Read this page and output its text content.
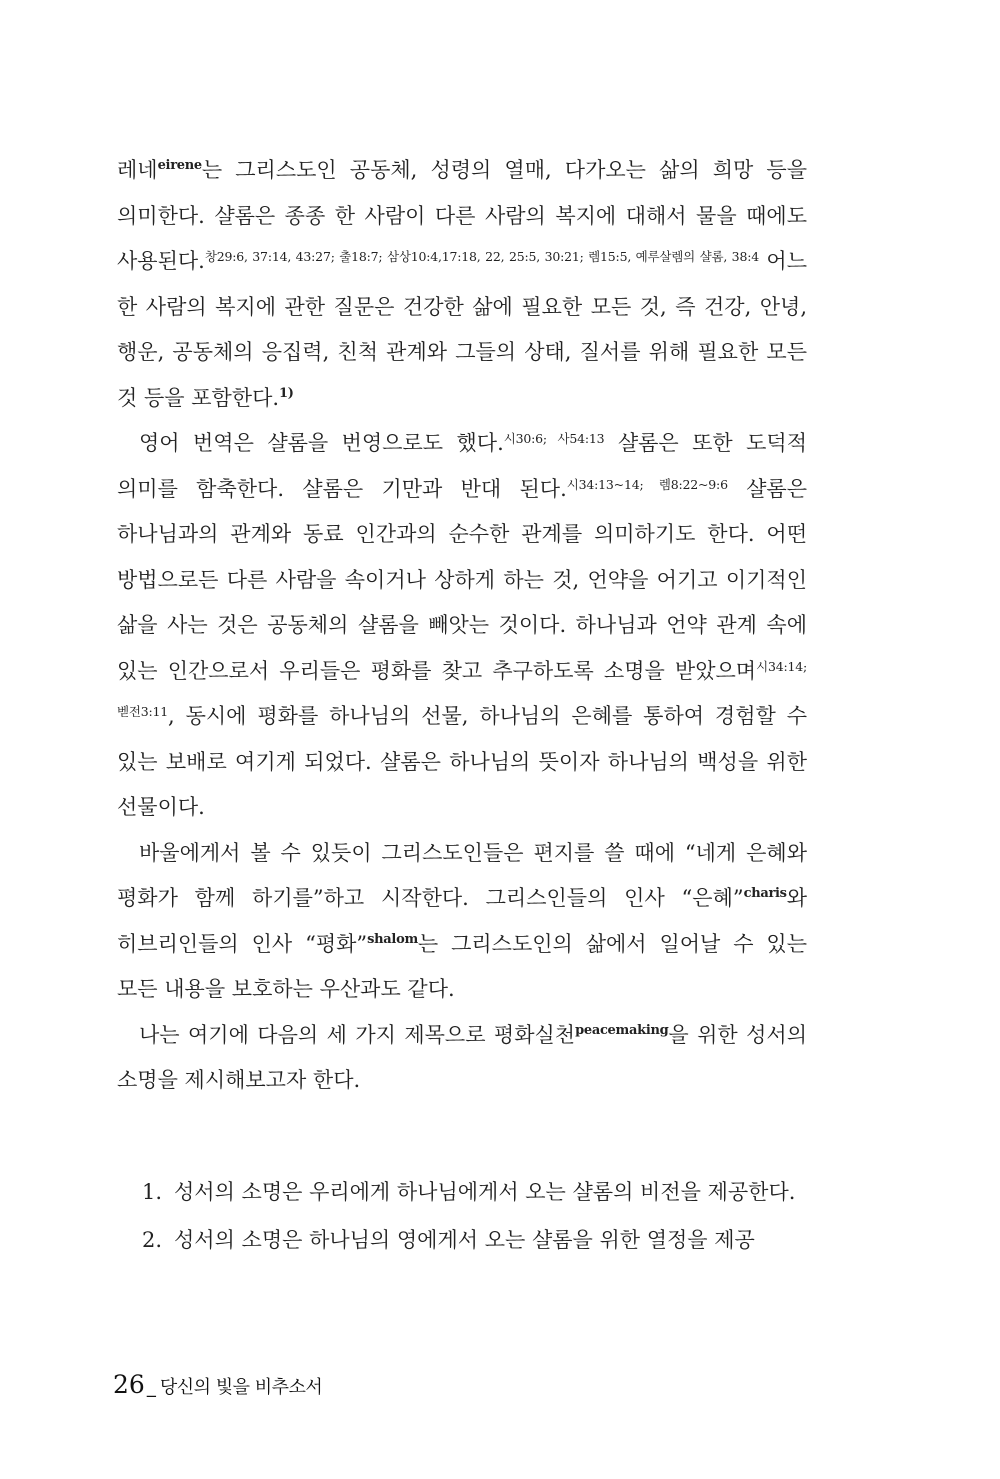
레네$^{eirene}$는 그리스도인 공동체, 성령의 열매, 다가오는 삶의 희망 등을 의미한다. 샬롬은 종종 한 사람이 다른 사람의 복지에 대해서 물을 때에도 사용된다.$^{창29:6, 37:14, 43:27; 출18:7; 삼상10:4,17:18, 22, 25:5, 30:21; 렘15:5, 예루살렘의 샬롬, 38:4}$ 어느 한 사람의 복지에 관한 질문은 건강한 삶에 필요한 모든 것, 즉 건강, 안녕, 행운, 공동체의 응집력, 친척 관계와 그들의 상태, 질서를 위해 필요한 모든 것 등을 포함한다.$^{1)}$

영어 번역은 샬롬을 번영으로도 했다.$^{시30:6; 사54:13}$ 샬롬은 또한 도덕적 의미를 함축한다. 샬롬은 기만과 반대 된다.$^{시34:13\sim 14; 렘8:22\sim 9:6}$ 샬롬은 하나님과의 관계와 동료 인간과의 순수한 관계를 의미하기도 한다. 어떤 방법으로든 다른 사람을 속이거나 상하게 하는 것, 언약을 어기고 이기적인 삶을 사는 것은 공동체의 샬롬을 빼앗는 것이다. 하나님과 언약 관계 속에 있는 인간으로서 우리들은 평화를 찾고 추구하도록 소명을 받았으며$^{시34:14; 벧전3:11}$, 동시에 평화를 하나님의 선물, 하나님의 은혜를 통하여 경험할 수 있는 보배로 여기게 되었다. 샬롬은 하나님의 뜻이자 하나님의 백성을 위한 선물이다.

바울에게서 볼 수 있듯이 그리스도인들은 편지를 쓸 때에 “네게 은혜와 평화가 함께 하기를”하고 시작한다. 그리스인들의 인사 “은혜”$^{charis}$와 히브리인들의 인사 “평화”$^{shalom}$는 그리스도인의 삶에서 일어날 수 있는 모든 내용을 보호하는 우산과도 같다.

나는 여기에 다음의 세 가지 제목으로 평화실천$^{peacemaking}$을 위한 성서의 소명을 제시해보고자 한다.

1. 성서의 소명은 우리에게 하나님에게서 오는 샬롬의 비전을 제공한다.
2. 성서의 소명은 하나님의 영에게서 오는 샬롬을 위한 열정을 제공
26 _ 당신의 빛을 비추소서
